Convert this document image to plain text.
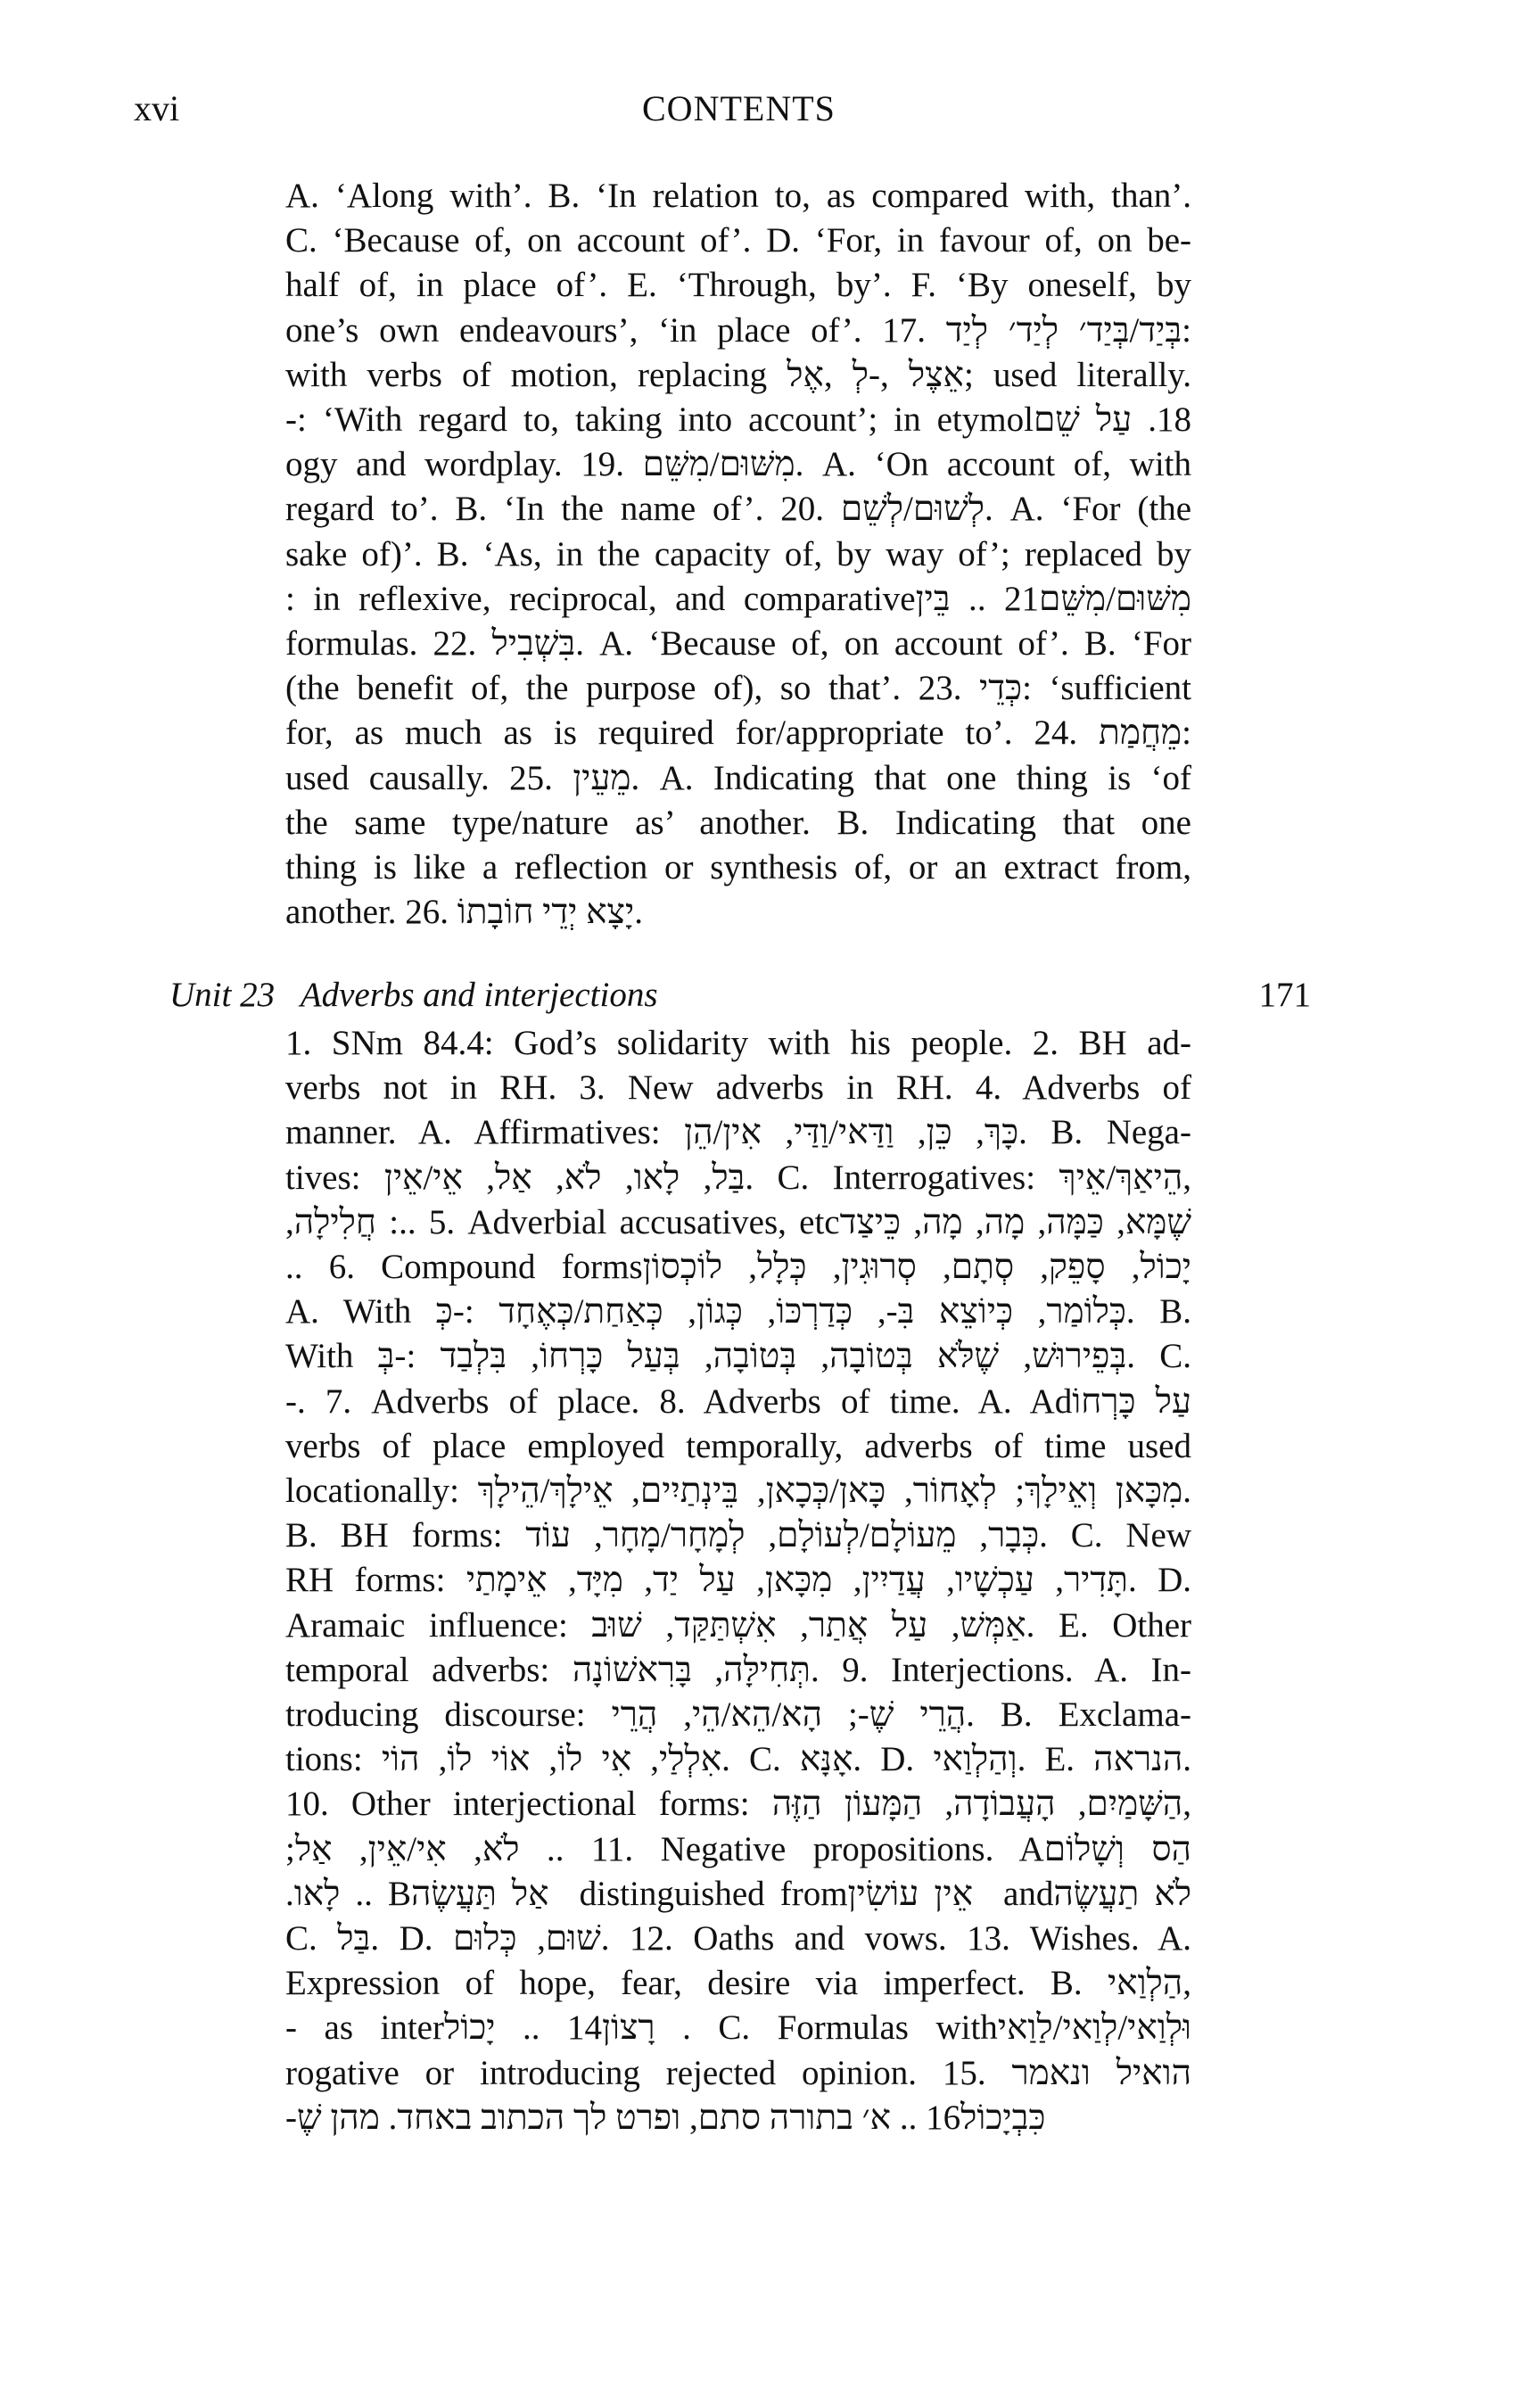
xvi	CONTENTS
A. ‘Along with’. B. ‘In relation to, as compared with, than’.
C. ‘Because of, on account of’. D. ‘For, in favour of, on be-
half of, in place of’. E. ‘Through, by’. F. ‘By oneself, by
one’s own endeavours’, ‘in place of’. 17. ‏בְּיַד/בְּיַד׳ לְיַד׳ לְיַד‎:
with verbs of motion, replacing ‏אֶל‎, ‏-לְ‎, ‏אֵצֶל‎; used literally.
18. ‏עַל שֵׁם‎: ‘With regard to, taking into account’; in etymol-
ogy and wordplay. 19. ‏מִשּׁוּם/מִשֵּׁם‎. A. ‘On account of, with
regard to’. B. ‘In the name of’. 20. ‏לְשׁוּם/לְשֵׁם‎. A. ‘For (the
sake of)’. B. ‘As, in the capacity of, by way of’; replaced by
‏מִשּׁוּם/מִשֵּׁם‎. 21. ‏בֵּין‎: in reflexive, reciprocal, and comparative
formulas. 22. ‏בִּשְׁבִיל‎. A. ‘Because of, on account of’. B. ‘For
(the benefit of, the purpose of), so that’. 23. ‏כְּדֵי‎: ‘sufficient
for, as much as is required for/appropriate to’. 24. ‏מֵחֲמַת‎:
used causally. 25. ‏מֵעֵין‎. A. Indicating that one thing is ‘of
the same type/nature as’ another. B. Indicating that one
thing is like a reflection or synthesis of, or an extract from,
another. 26. ‏יָצָא יְדֵי חוֹבָתוֹ‎.
Unit 23 Adverbs and interjections	171
1. SNm 84.4: God’s solidarity with his people. 2. BH ad-
verbs not in RH. 3. New adverbs in RH. 4. Adverbs of
manner. A. Affirmatives: ‏כָּךְ, כֵּן, וַדַּאי/וַדַּי, אִין/הֵן‎. B. Nega-
tives: ‏בַּל, לָאו, לֹא, אַל, אֵי/אֵין‎. C. Interrogatives: ‏הֵיאַךְ/אֵיךְ‎,
‏שֶׁמָּא, כַּמָּה, מָה, מָה, כֵּיצַד‎. 5. Adverbial accusatives, etc.: ‏חֲלִילָה‎,
‏יָכוֹל, סָפֵק, סְתָם, סְרוּגִין, כְּלָל, לוֹכְסוֹן‎. 6. Compound forms.
A. With ‏-כְּ‎: ‏כְּלוֹמַר, כְּיוֹצֵא בִּ-, כְּדַרְכּוֹ, כְּגוֹן, כְּאַחַת/כְּאֶחָד‎. B.
With ‏-בְּ‎: ‏בְּפֵירוּשׁ, שֶׁלֹּא בְּטוֹבָה, בְּטוֹבָה, בְּעַל כָּרְחוֹ, בִּלְבַד‎. C.
‏עַל כָּרְחוֹ‎. 7. Adverbs of place. 8. Adverbs of time. A. Ad-
verbs of place employed temporally, adverbs of time used
locationally: ‏מִכָּאן וְאֵילָךְ; לְאָחוֹר, כָּאן/כְּכָאן, בֵּינְתַיִים, אֵילָךְ/הֵילָךְ‎.
B. BH forms: ‏כְּבָר, מֵעוֹלָם/לְעוֹלָם, לְמָחָר/מָחָר, עוֹד‎. C. New
RH forms: ‏תָּדִיר, עַכְשָׁיו, עֲדַיִין, מִכָּאן, עַל יַד, מִיָּד, אֵימָתַי‎. D.
Aramaic influence: ‏אַמְּשׁ, עַל אֲתַר, אִשְׁתַּקַּד, שׁוּב‎. E. Other
temporal adverbs: ‏תְּחִילָּה, בָּרִאשׁוֹנָה‎. 9. Interjections. A. In-
troducing discourse: ‏הֲרֵי שֶׁ-; הָא/הֵא/הֵי, הֲרֵי‎. B. Exclama-
tions: ‏אִלְלַי, אִי לוֹ, אוֹי לוֹ, הוֹי‎. C. ‏אָנָּא‎. D. ‏וְהַלְוַאי‎. E. ‏הנראה‎.
10. Other interjectional forms: ‏הַשָּׁמַיִם, הָעֲבוֹדָה, הַמָּעוֹן הַזֶּה‎,
‏הַס וְשָׁלוֹם‎. 11. Negative propositions. A. ‏לֹא, אִי/אֵין, אַל‎;
‏לֹא תַעֲשֶׂה‎ and ‏אֵין עוֹשִׂין‎ distinguished from ‏אַל תַּעֲשֶׂה‎. B. ‏לָאו‎.
C. ‏בַּל‎. D. ‏שׁוּם, כְּלוּם‎. 12. Oaths and vows. 13. Wishes. A.
Expression of hope, fear, desire via imperfect. B. ‏הַלְוַאי‎,
‏וּלְוַאי/לְוַאי/לַוַאי‎. C. Formulas with ‏רָצוֹן‎. 14. ‏יָכוֹל‎ as inter-
rogative or introducing rejected opinion. 15. ‏הואיל ונאמר‎
‏כִּבְיָכוֹל‎. 16. ‏א׳ בתורה סתם, ופרט לך הכתוב באחד. מהן שֶׁ-‎
